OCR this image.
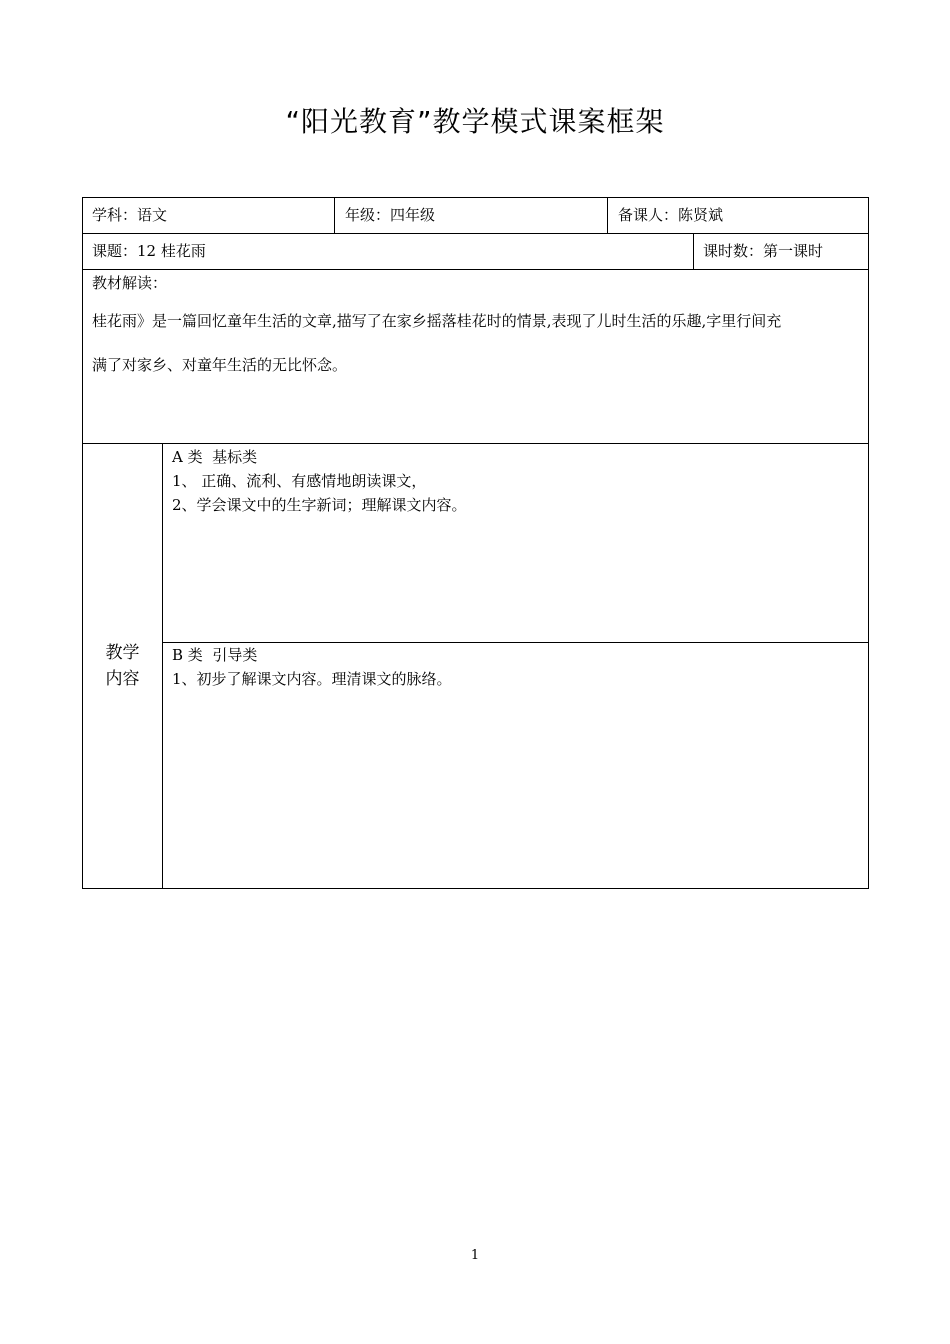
“阳光教育”教学模式课案框架
学科：语文	年级：四年级	备课人：陈贤斌
课题：12 桂花雨	课时数：第一课时
教材解读：
桂花雨》是一篇回忆童年生活的文章,描写了在家乡摇落桂花时的情景,表现了儿时生活的乐趣,字里行间充
满了对家乡、对童年生活的无比怀念。
教学
内容
A 类  基标类
1、 正确、流利、有感情地朗读课文，
2、学会课文中的生字新词；理解课文内容。
B 类  引导类
1、初步了解课文内容。理清课文的脉络。
1
